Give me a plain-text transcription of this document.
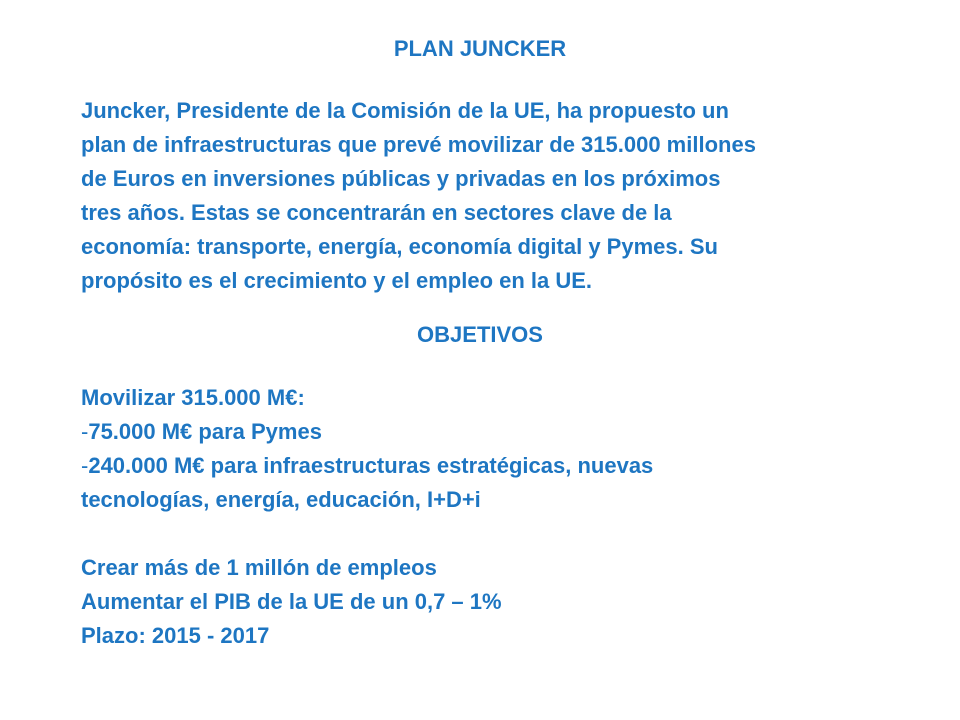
PLAN JUNCKER
Juncker, Presidente de la Comisión de la UE, ha propuesto un
plan de infraestructuras que prevé movilizar de 315.000 millones
de Euros en inversiones públicas y privadas en los próximos
tres años. Estas se concentrarán en sectores clave de la
economía: transporte, energía, economía digital y Pymes. Su
propósito es el crecimiento y el empleo en la UE.
OBJETIVOS
Movilizar 315.000 M€:
-75.000 M€ para Pymes
-240.000 M€ para infraestructuras estratégicas, nuevas
tecnologías, energía, educación, I+D+i
Crear más de 1 millón de empleos
Aumentar el PIB de la UE de un 0,7 – 1%
Plazo: 2015 - 2017
